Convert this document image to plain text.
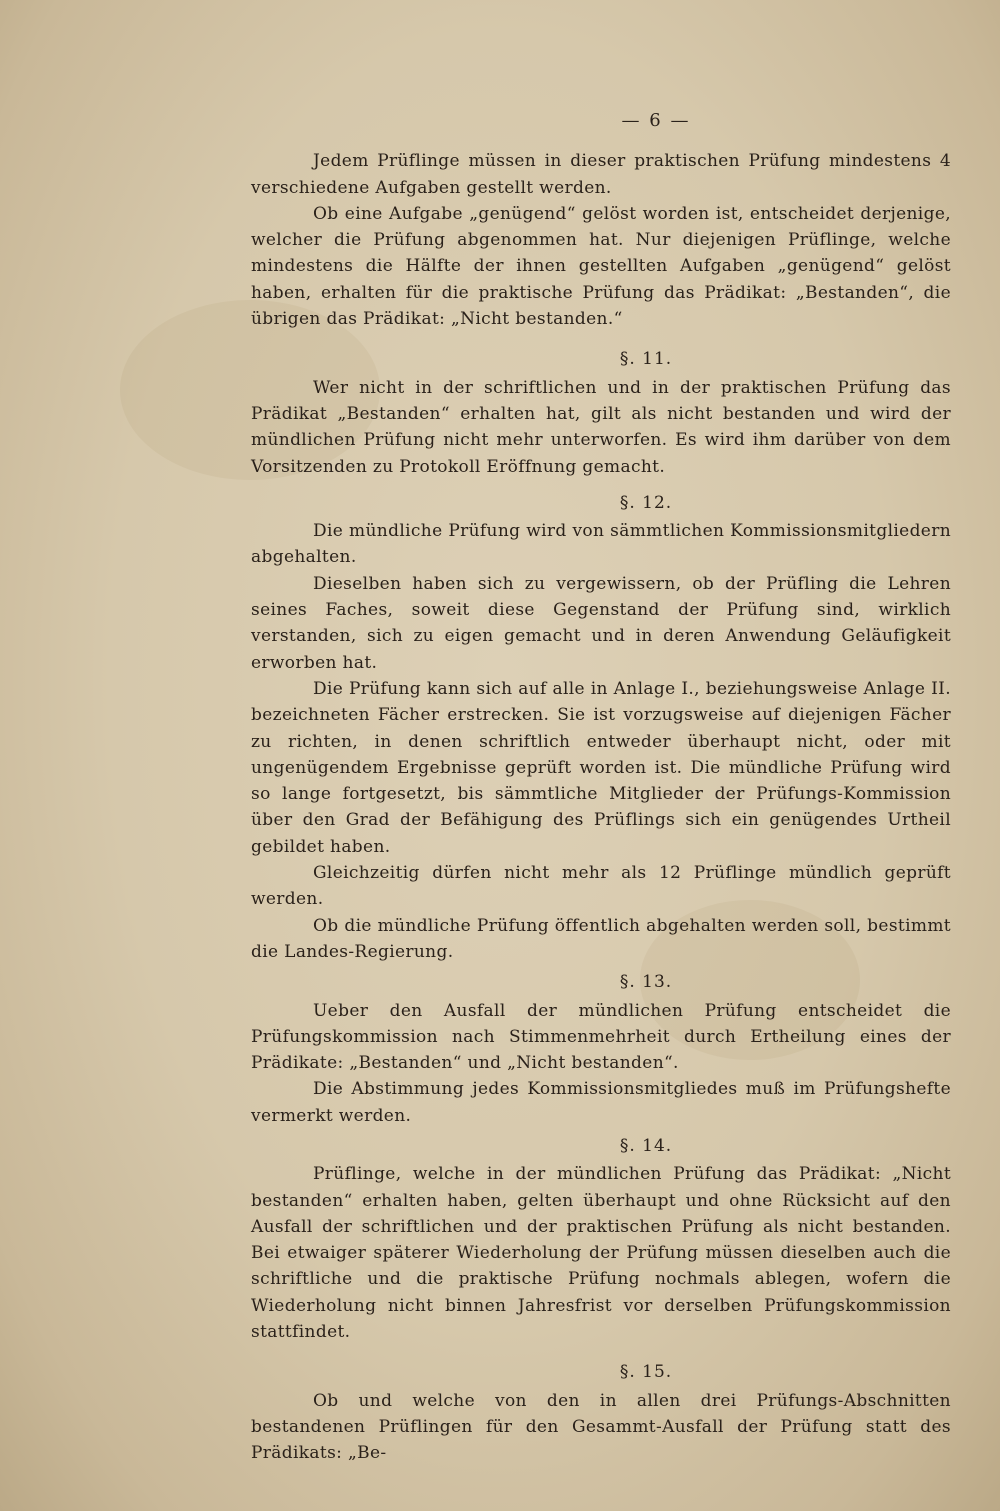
— 6 —

Jedem Prüflinge müssen in dieser praktischen Prüfung mindestens 4 verschiedene Aufgaben gestellt werden.

Ob eine Aufgabe „genügend“ gelöst worden ist, entscheidet derjenige, welcher die Prüfung abgenommen hat. Nur diejenigen Prüflinge, welche mindestens die Hälfte der ihnen gestellten Aufgaben „genügend“ gelöst haben, erhalten für die praktische Prüfung das Prädikat: „Bestanden“, die übrigen das Prädikat: „Nicht bestanden.“

§. 11.

Wer nicht in der schriftlichen und in der praktischen Prüfung das Prädikat „Bestanden“ erhalten hat, gilt als nicht bestanden und wird der mündlichen Prüfung nicht mehr unterworfen. Es wird ihm darüber von dem Vorsitzenden zu Protokoll Eröffnung gemacht.

§. 12.

Die mündliche Prüfung wird von sämmtlichen Kommissionsmitgliedern abgehalten.

Dieselben haben sich zu vergewissern, ob der Prüfling die Lehren seines Faches, soweit diese Gegenstand der Prüfung sind, wirklich verstanden, sich zu eigen gemacht und in deren Anwendung Geläufigkeit erworben hat.

Die Prüfung kann sich auf alle in Anlage I., beziehungsweise Anlage II. bezeichneten Fächer erstrecken. Sie ist vorzugsweise auf diejenigen Fächer zu richten, in denen schriftlich entweder überhaupt nicht, oder mit ungenügendem Ergebnisse geprüft worden ist. Die mündliche Prüfung wird so lange fortgesetzt, bis sämmtliche Mitglieder der Prüfungs-Kommission über den Grad der Befähigung des Prüflings sich ein genügendes Urtheil gebildet haben.

Gleichzeitig dürfen nicht mehr als 12 Prüflinge mündlich geprüft werden.

Ob die mündliche Prüfung öffentlich abgehalten werden soll, bestimmt die Landes-Regierung.

§. 13.

Ueber den Ausfall der mündlichen Prüfung entscheidet die Prüfungskommission nach Stimmenmehrheit durch Ertheilung eines der Prädikate: „Bestanden“ und „Nicht bestanden“.

Die Abstimmung jedes Kommissionsmitgliedes muß im Prüfungshefte vermerkt werden.

§. 14.

Prüflinge, welche in der mündlichen Prüfung das Prädikat: „Nicht bestanden“ erhalten haben, gelten überhaupt und ohne Rücksicht auf den Ausfall der schriftlichen und der praktischen Prüfung als nicht bestanden. Bei etwaiger späterer Wiederholung der Prüfung müssen dieselben auch die schriftliche und die praktische Prüfung nochmals ablegen, wofern die Wiederholung nicht binnen Jahresfrist vor derselben Prüfungskommission stattfindet.

§. 15.

Ob und welche von den in allen drei Prüfungs-Abschnitten bestandenen Prüflingen für den Gesammt-Ausfall der Prüfung statt des Prädikats: „Be-
